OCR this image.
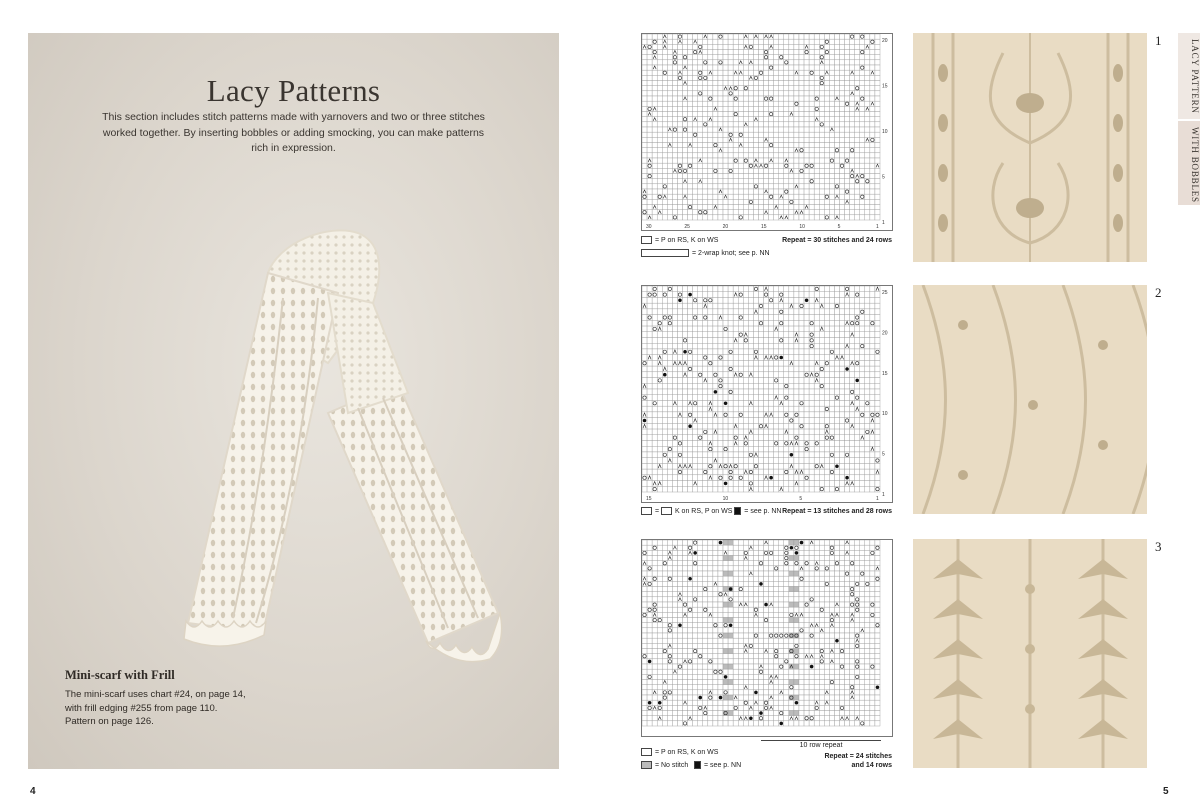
Lacy Patterns
This section includes stitch patterns made with yarnovers and two or three stitches worked together. By inserting bobbles or adding smocking, you can make patterns rich in expression.
Mini-scarf with Frill
The mini-scarf uses chart #24, on page 14,
with frill edging #255 from page 110.
Pattern on page 126.
4
20
15
10
5
1
30	25	20	15	10	5	1
= P on RS, K on WS	Repeat = 30 stitches and 24 rows
= 2-wrap knot; see p. NN
1
25
20
15
10
5
1
15	10	5	1
=  K on RS, P on WS  = see p. NN Repeat = 13 stitches and 28 rows
2
10 row repeat
= P on RS, K on WS
= No stitch    = see p. NN
Repeat = 24 stitches
and 14 rows
3
LACY PATTERN
WITH BOBBLES
5
